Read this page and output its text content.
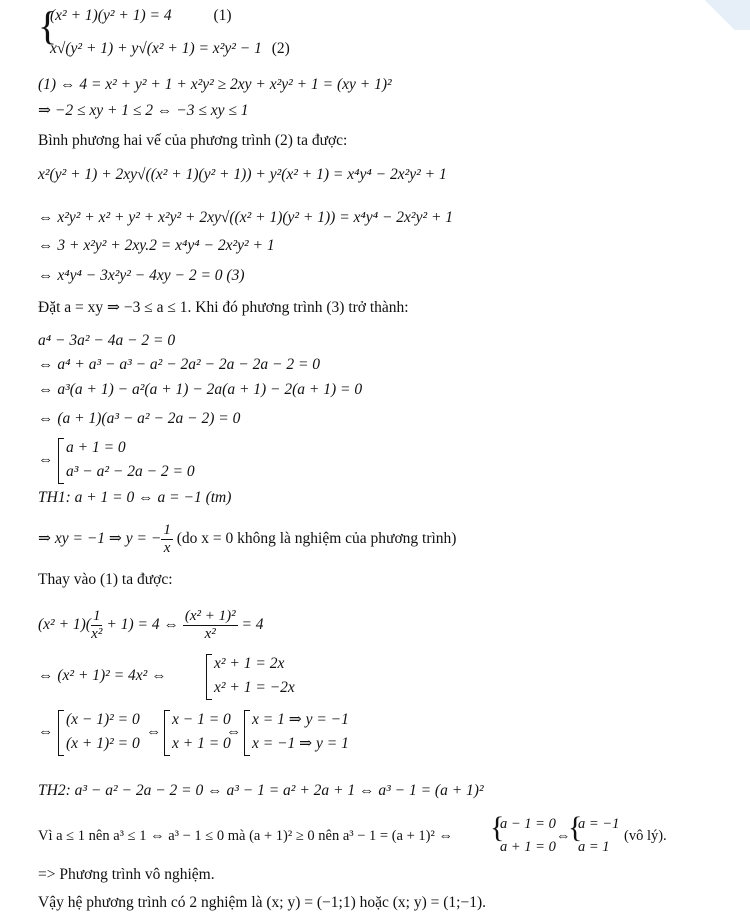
{
(x² + 1)(y² + 1) = 4	(1)
x√(y² + 1) + y√(x² + 1) = x²y² − 1 (2)
(1) ⇔ 4 = x² + y² + 1 + x²y² ≥ 2xy + x²y² + 1 = (xy + 1)²
⇒ −2 ≤ xy + 1 ≤ 2 ⇔ −3 ≤ xy ≤ 1
Bình phương hai vế của phương trình (2) ta được:
x²(y² + 1) + 2xy√((x² + 1)(y² + 1)) + y²(x² + 1) = x⁴y⁴ − 2x²y² + 1
⇔ x²y² + x² + y² + x²y² + 2xy√((x² + 1)(y² + 1)) = x⁴y⁴ − 2x²y² + 1
⇔ 3 + x²y² + 2xy.2 = x⁴y⁴ − 2x²y² + 1
⇔ x⁴y⁴ − 3x²y² − 4xy − 2 = 0 (3)
Đặt a = xy ⇒ −3 ≤ a ≤ 1. Khi đó phương trình (3) trở thành:
a⁴ − 3a² − 4a − 2 = 0
⇔ a⁴ + a³ − a³ − a² − 2a² − 2a − 2a − 2 = 0
⇔ a³(a + 1) − a²(a + 1) − 2a(a + 1) − 2(a + 1) = 0
⇔ (a + 1)(a³ − a² − 2a − 2) = 0
⇔
a + 1 = 0
a³ − a² − 2a − 2 = 0
TH1: a + 1 = 0 ⇔ a = −1 (tm)
⇒ xy = −1 ⇒ y = − $\frac{1}{x} (do$ x = 0 không là nghiệm của phương trình)
Thay vào (1) ta được:
$(x^2 + 1)( \frac{1}{\text{x²}} + 1) = 4$ ⇔ $\frac{\text{(x² + 1)²}}{\text{x²}} = 4$
⇔ (x² + 1)² = 4x² ⇔
x² + 1 = 2x
x² + 1 = −2x
⇔
(x − 1)² = 0
(x + 1)² = 0
⇔
x − 1 = 0
x + 1 = 0
⇔
x = 1 ⇒ y = −1
x = −1 ⇒ y = 1
TH2: a³ − a² − 2a − 2 = 0 ⇔ a³ − 1 = a² + 2a + 1 ⇔ a³ − 1 = (a + 1)²
Vì a ≤ 1 nên a³ ≤ 1 ⇔ a³ − 1 ≤ 0 mà (a + 1)² ≥ 0 nên a³ − 1 = (a + 1)² ⇔ {
a − 1 = 0
a + 1 = 0
⇔
{
a = −1
a = 1
(vô lý).
=> Phương trình vô nghiệm.
Vậy hệ phương trình có 2 nghiệm là (x; y) = (−1;1) hoặc (x; y) = (1;−1).
